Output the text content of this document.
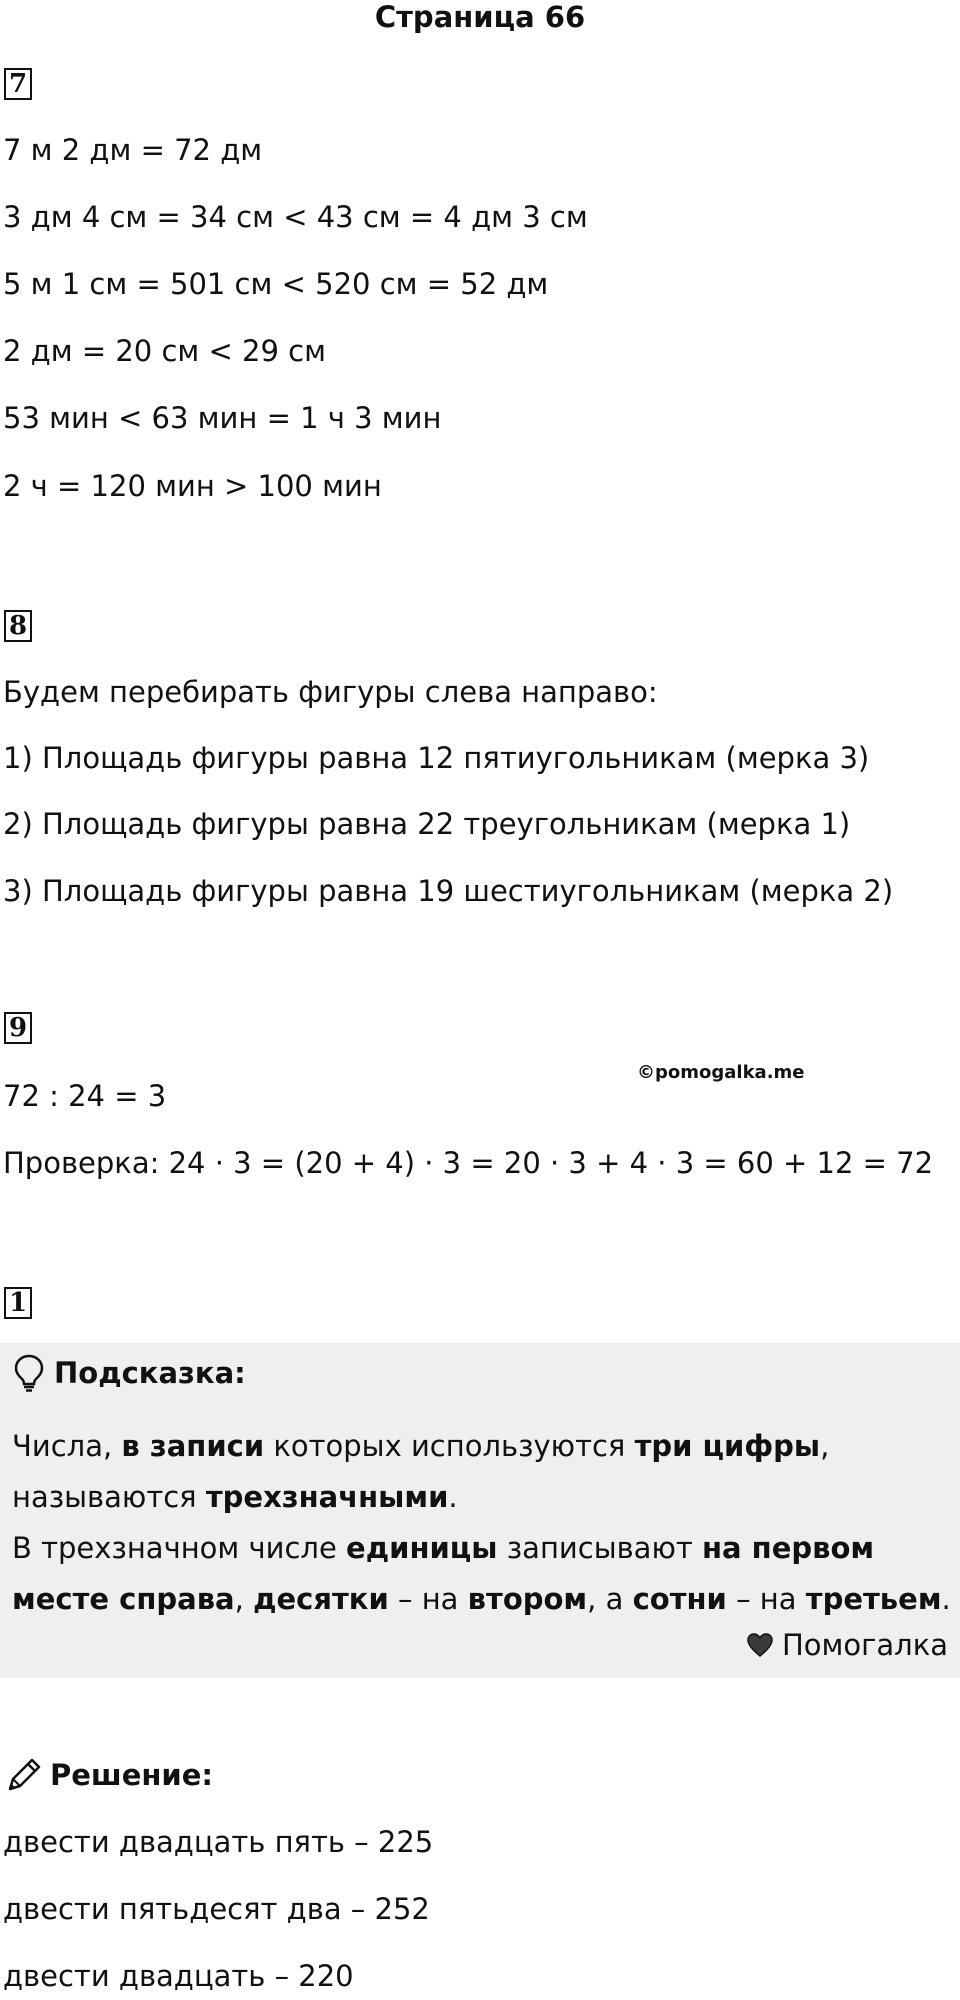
Страница 66
7
7 м 2 дм = 72 дм
3 дм 4 см = 34 см < 43 см = 4 дм 3 см
5 м 1 см = 501 см < 520 см = 52 дм
2 дм = 20 см < 29 см
53 мин < 63 мин = 1 ч 3 мин
2 ч = 120 мин > 100 мин
8
Будем перебирать фигуры слева направо:
1) Площадь фигуры равна 12 пятиугольникам (мерка 3)
2) Площадь фигуры равна 22 треугольникам (мерка 1)
3) Площадь фигуры равна 19 шестиугольникам (мерка 2)
9
©pomogalka.me
72 : 24 = 3
Проверка: 24 · 3 = (20 + 4) · 3 = 20 · 3 + 4 · 3 = 60 + 12 = 72
1
Подсказка:
Числа, в записи которых используются три цифры,
называются трехзначными.
В трехзначном числе единицы записывают на первом
месте справа, десятки – на втором, а сотни – на третьем.
Помогалка
Решение:
двести двадцать пять – 225
двести пятьдесят два – 252
двести двадцать – 220
